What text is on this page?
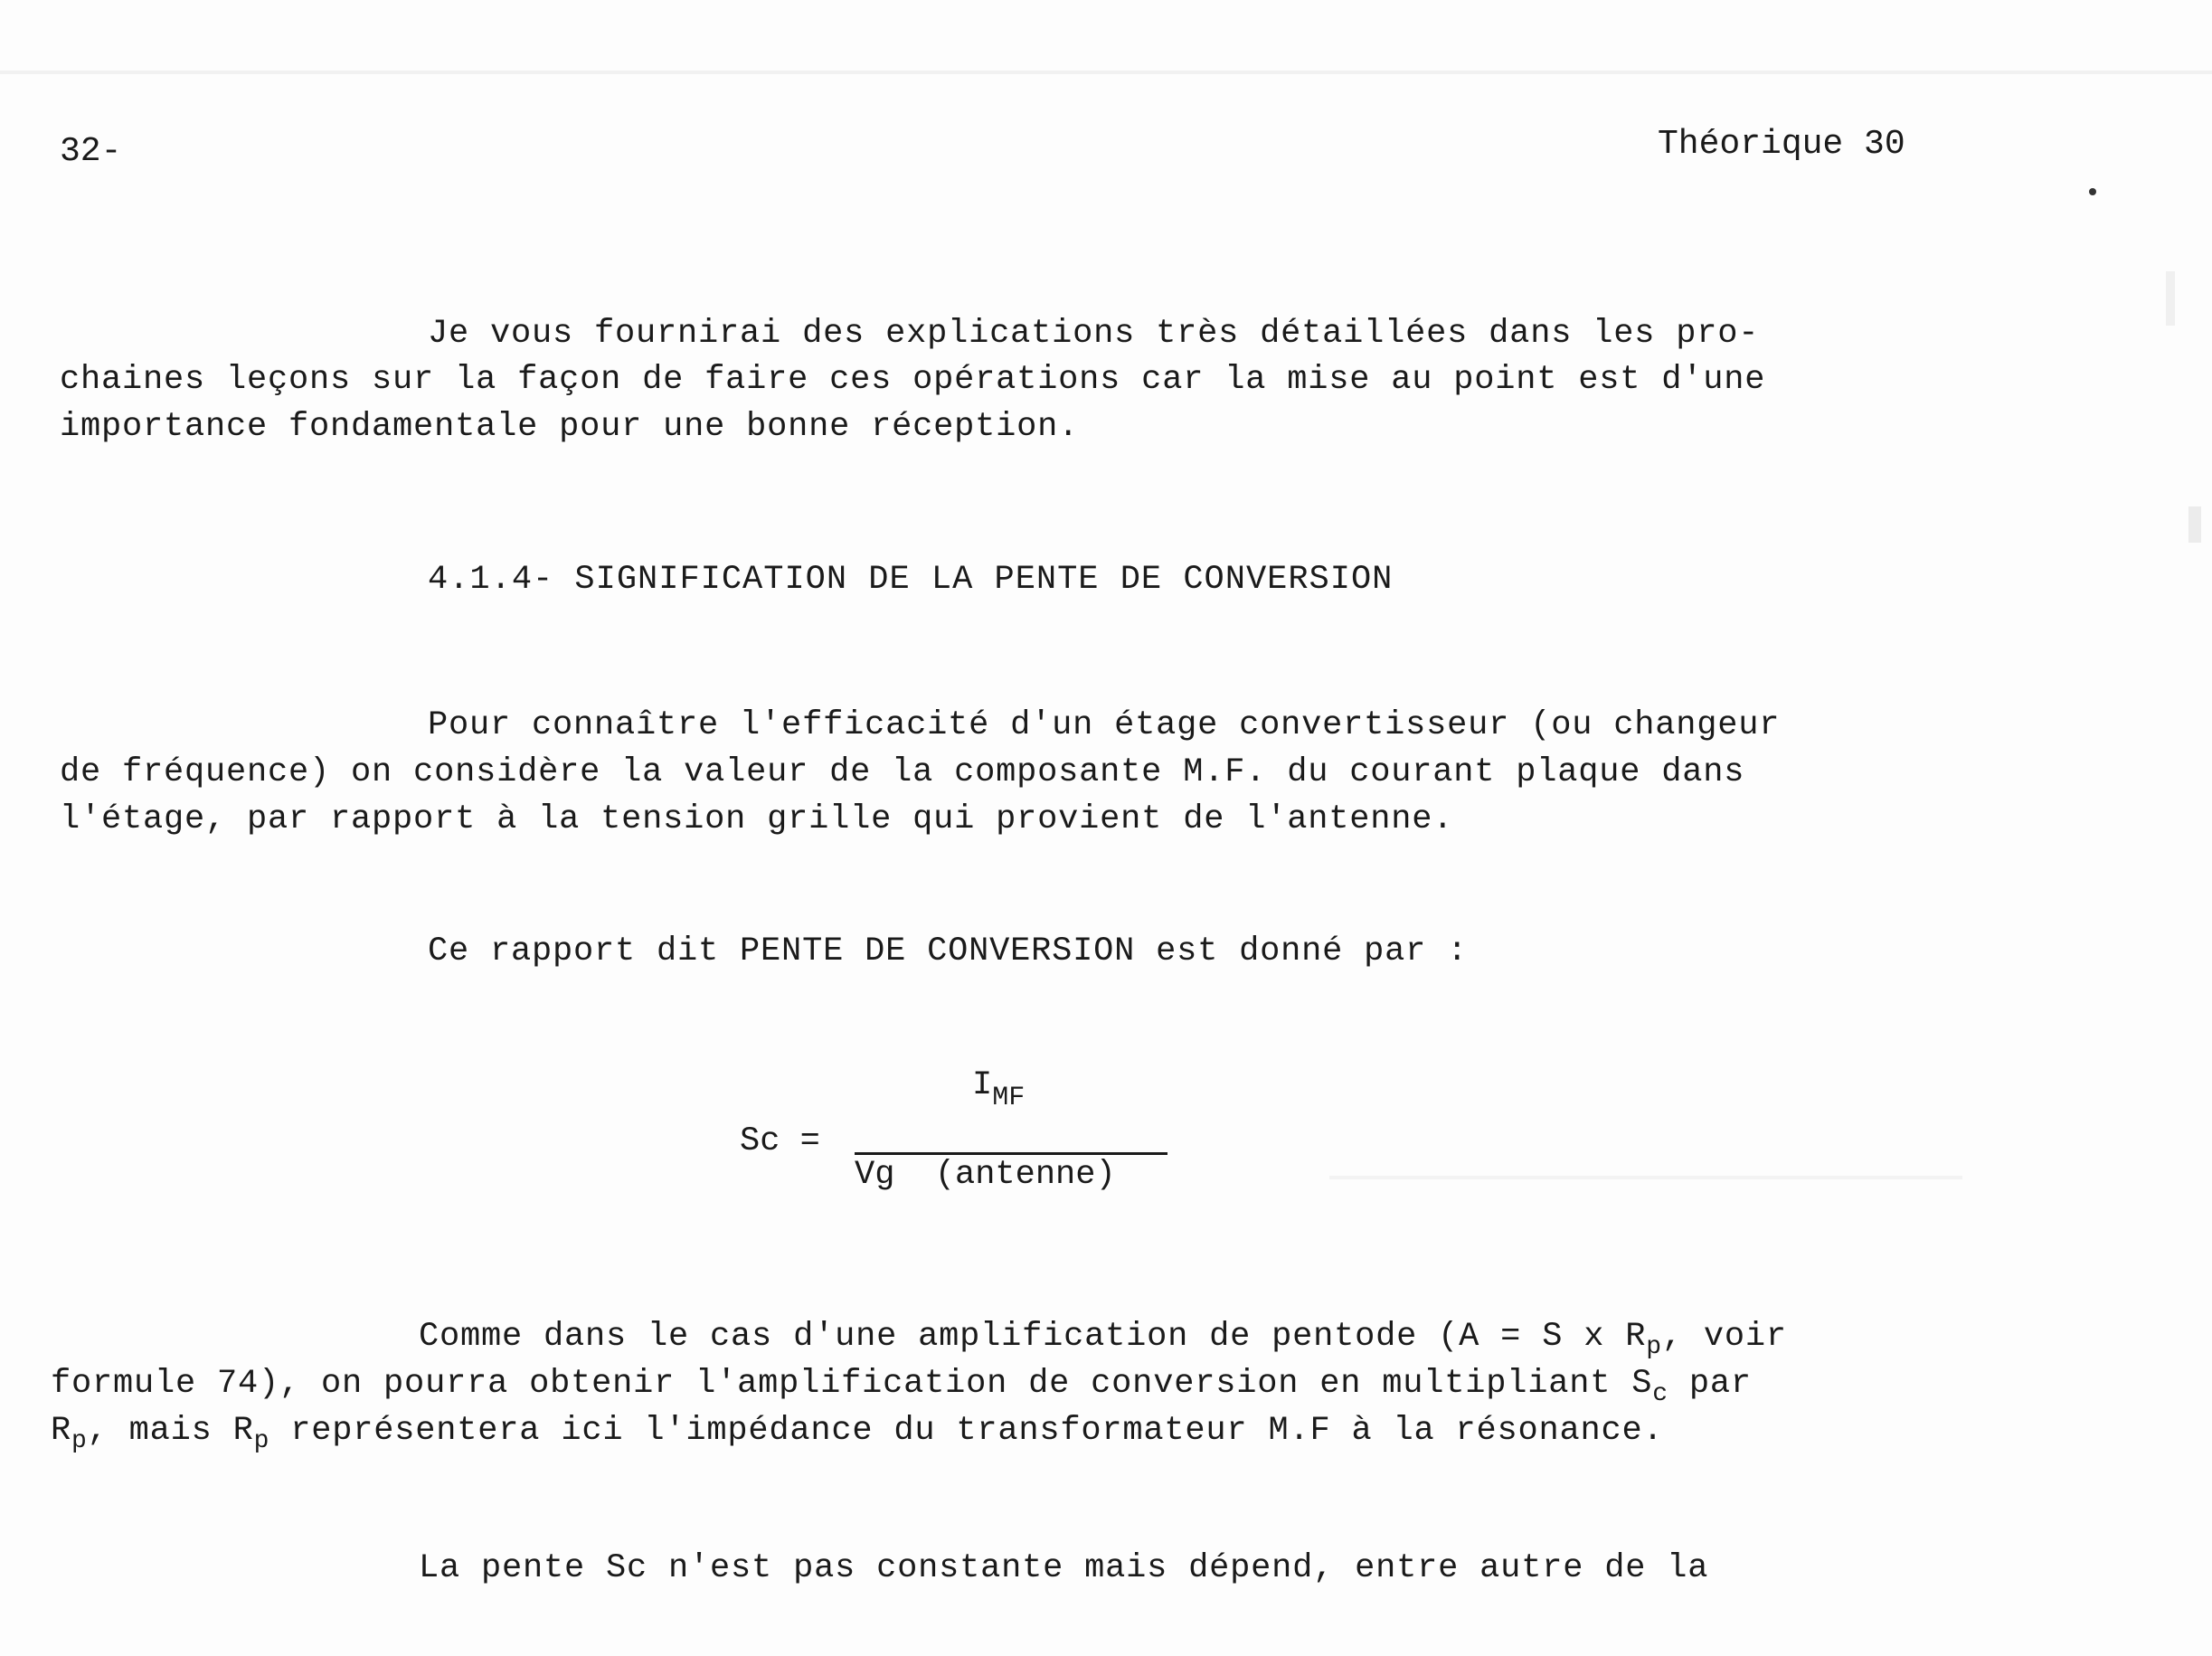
32-	Théorique 30
Je vous fournirai des explications très détaillées dans les pro-
chaines leçons sur la façon de faire ces opérations car la mise au point est d'une
importance fondamentale pour une bonne réception.
4.1.4- SIGNIFICATION DE LA PENTE DE CONVERSION
Pour connaître l'efficacité d'un étage convertisseur (ou changeur
de fréquence) on considère la valeur de la composante M.F. du courant plaque dans
l'étage, par rapport à la tension grille qui provient de l'antenne.
Ce rapport dit PENTE DE CONVERSION est donné par :
Sc =
$I_{MF}$
Vg  (antenne)
Comme dans le cas d'une amplification de pentode (A = S x $R_p$, voir
formule 74), on pourra obtenir l'amplification de conversion en multipliant $S_c$ par
$R_p$, mais $R_p$ représentera ici l'impédance du transformateur M.F à la résonance.
La pente Sc n'est pas constante mais dépend, entre autre de la
